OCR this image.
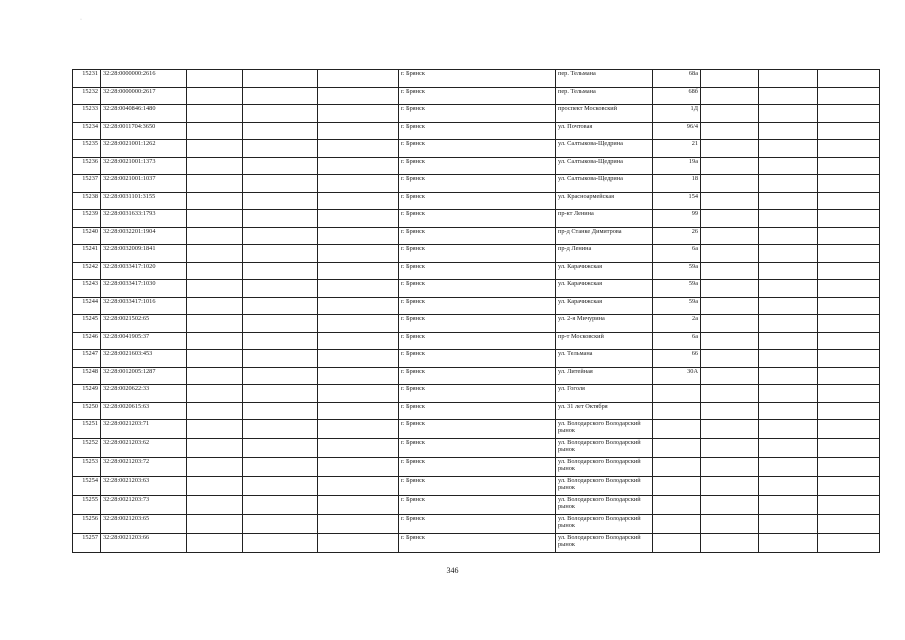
·
15231	32:28:0000000:2616				г. Брянск	пер. Тельмана	68а			
15232	32:28:0000000:2617				г. Брянск	пер. Тельмана	68б			
15233	32:28:0040846:1480				г. Брянск	проспект Московский	1Д			
15234	32:28:0011704:3650				г. Брянск	ул. Почтовая	96/4			
15235	32:28:0021001:1262				г. Брянск	ул. Салтыкова-Щедрина	21			
15236	32:28:0021001:1373				г. Брянск	ул. Салтыкова-Щедрина	19а			
15237	32:28:0021001:1037				г. Брянск	ул. Салтыкова-Щедрина	18			
15238	32:28:0031101:3155				г. Брянск	ул. Красноармейская	154			
15239	32:28:0031633:1793				г. Брянск	пр-кт Ленина	99			
15240	32:28:0032201:1904				г. Брянск	пр-д Станке Димитрова	26			
15241	32:28:0032009:1841				г. Брянск	пр-д Ленина	6а			
15242	32:28:0033417:1020				г. Брянск	ул. Карачижская	59а			
15243	32:28:0033417:1030				г. Брянск	ул. Карачижская	59а			
15244	32:28:0033417:1016				г. Брянск	ул. Карачижская	59а			
15245	32:28:0021502:65				г. Брянск	ул. 2-я Мичурина	2а			
15246	32:28:0041905:37				г. Брянск	пр-т Московский	6а			
15247	32:28:0021603:453				г. Брянск	ул. Тельмана	66			
15248	32:28:0012005:1287				г. Брянск	ул. Литейная	30А			
15249	32:28:0020622:33				г. Брянск	ул. Гоголя				
15250	32:28:0020615:63				г. Брянск	ул. 31 лет Октября				
15251	32:28:0021203:71				г. Брянск	ул. Володарского Володарский рынок				
15252	32:28:0021203:62				г. Брянск	ул. Володарского Володарский рынок				
15253	32:28:0021203:72				г. Брянск	ул. Володарского Володарский рынок				
15254	32:28:0021203:63				г. Брянск	ул. Володарского Володарский рынок				
15255	32:28:0021203:73				г. Брянск	ул. Володарского Володарский рынок				
15256	32:28:0021203:65				г. Брянск	ул. Володарского Володарский рынок				
15257	32:28:0021203:66				г. Брянск	ул. Володарского Володарский рынок				
346
